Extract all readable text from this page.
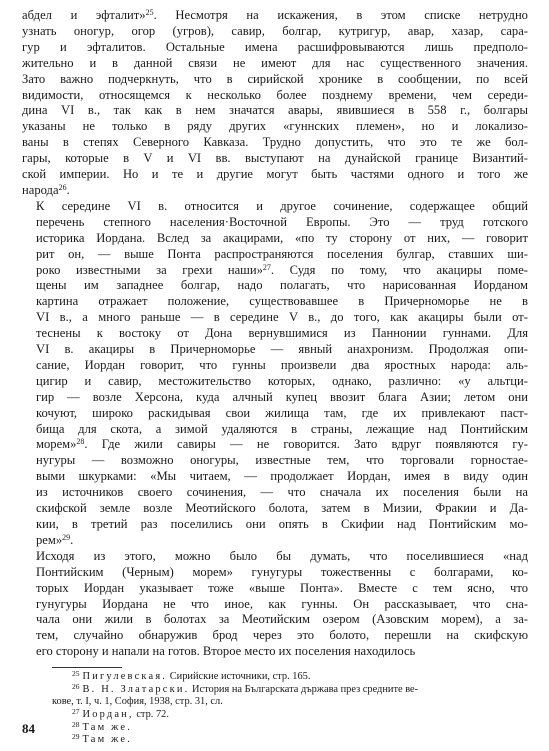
абдел и эфталит»$^{25}$. Несмотря на искажения, в этом списке нетрудно
узнать оногур, огор (угров), савир, болгар, кутригур, авар, хазар, сара-
гур и эфталитов. Остальные имена расшифровываются лишь предполо-
жительно и в данной связи не имеют для нас существенного значения.
Зато важно подчеркнуть, что в сирийской хронике в сообщении, по всей
видимости, относящемся к несколько более позднему времени, чем середи-
дина VI в., так как в нем значатся авары, явившиеся в 558 г., болгары
указаны не только в ряду других «гуннских племен», но и локализо-
ваны в степях Северного Кавказа. Трудно допустить, что это те же бол-
гары, которые в V и VI вв. выступают на дунайской границе Византий-
ской империи. Но и те и другие могут быть частями одного и того же
народа$^{26}$.

К середине VI в. относится и другое сочинение, содержащее общий
перечень степного населения·Восточной Европы. Это — труд готского
историка Иордана. Вслед за акацирами, «по ту сторону от них, — говорит
рит он, — выше Понта распространяются поселения булгар, ставших ши-
роко известными за грехи наши»$^{27}$. Судя по тому, что акациры поме-
щены им западнее болгар, надо полагать, что нарисованная Иорданом
картина отражает положение, существовавшее в Причерноморье не в
VI в., а много раньше — в середине V в., до того, как акациры были от-
теснены к востоку от Дона вернувшимися из Паннонии гуннами. Для
VI в. акациры в Причерноморье — явный анахронизм. Продолжая опи-
сание, Иордан говорит, что гунны произвели два яростных народа: аль-
цигир и савир, местожительство которых, однако, различно: «у альтци-
гир — возле Херсона, куда алчный купец ввозит блага Азии; летом они
кочуют, широко раскидывая свои жилища там, где их привлекают паст-
бища для скота, а зимой удаляются в страны, лежащие над Понтийским
морем»$^{28}$. Где жили савиры — не говорится. Зато вдруг появляются гу-
нугуры — возможно оногуры, известные тем, что торговали горностае-
выми шкурками: «Мы читаем, — продолжает Иордан, имея в виду один
из источников своего сочинения, — что сначала их поселения были на
скифской земле возле Меотийского болота, затем в Мизии, Фракии и Да-
кии, в третий раз поселились они опять в Скифии над Понтийским мо-
рем»$^{29}$.

Исходя из этого, можно было бы думать, что поселившиеся «над
Понтийским (Черным) морем» гунугуры тожественны с болгарами, ко-
торых Иордан указывает тоже «выше Понта». Вместе с тем ясно, что
гунугуры Иордана не что иное, как гунны. Он рассказывает, что сна-
чала они жили в болотах за Меотийским озером (Азовским морем), а за-
тем, случайно обнаружив брод через это болото, перешли на скифскую
его сторону и напали на готов. Второе место их поселения находилось

$^{25}$ Пигулевская. Сирийские источники, стр. 165.
$^{26}$ В. Н. Златарски. История на Българската държава през средните ве-
кове, т. I, ч. 1, София, 1938, стр. 31, сл.
$^{27}$ Иордан, стр. 72.
$^{28}$ Там же.
$^{29}$ Там же.
84
